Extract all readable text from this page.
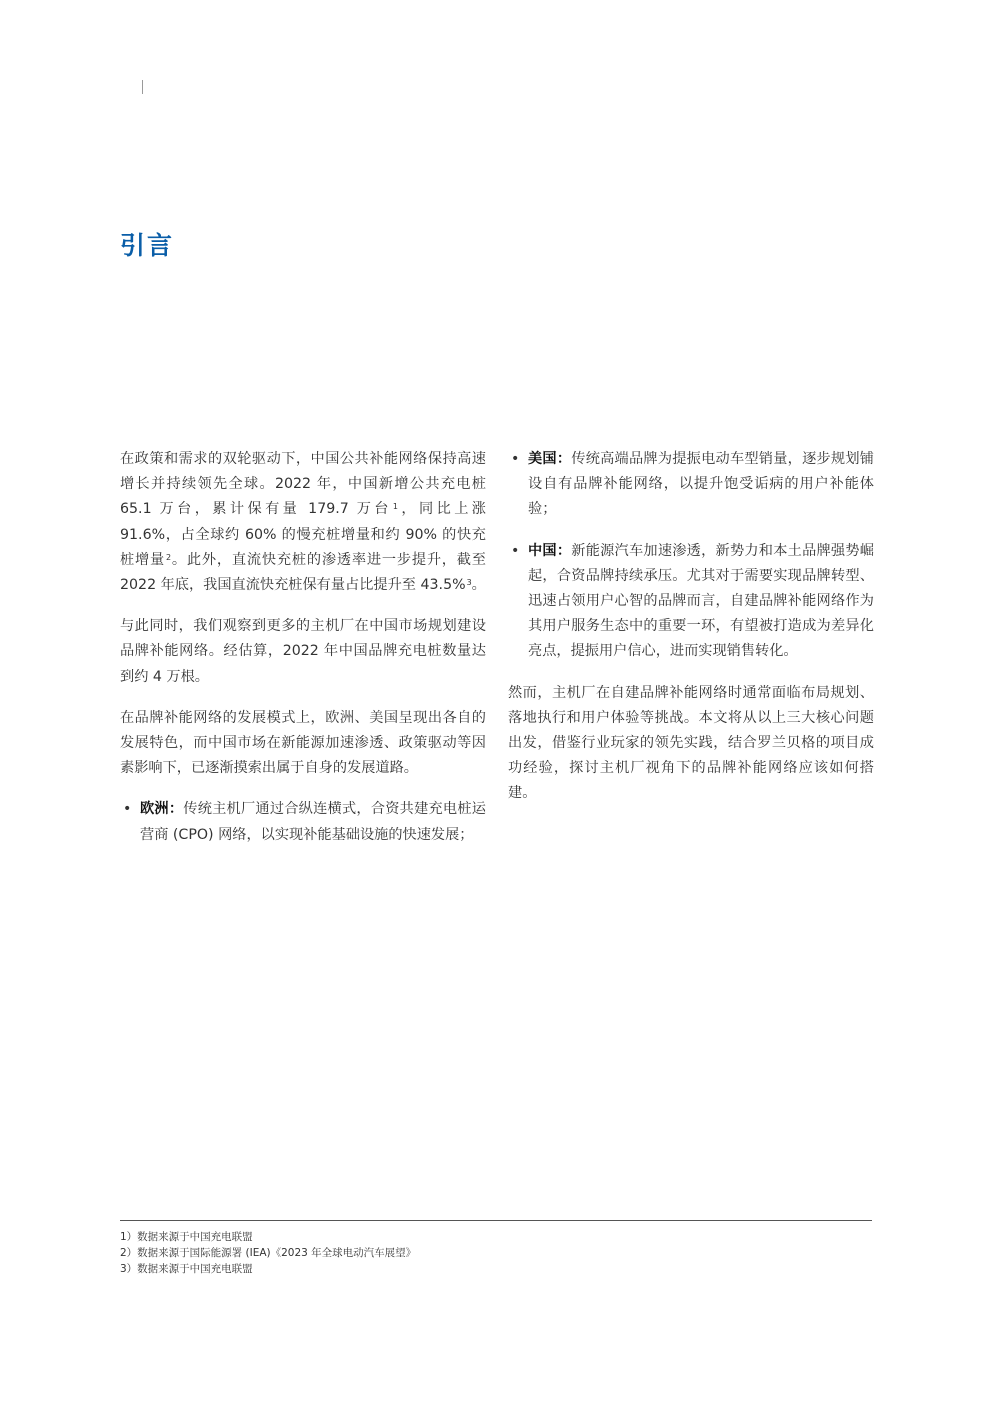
引言

在政策和需求的双轮驱动下，中国公共补能网络保持高速增长并持续领先全球。2022 年，中国新增公共充电桩 65.1 万台，累计保有量 179.7 万台$^1$，同比上涨 91.6%，占全球约 60% 的慢充桩增量和约 90% 的快充桩增量$^2$。此外，直流快充桩的渗透率进一步提升，截至 2022 年底，我国直流快充桩保有量占比提升至 43.5%$^3$。

与此同时，我们观察到更多的主机厂在中国市场规划建设品牌补能网络。经估算，2022 年中国品牌充电桩数量达到约 4 万根。

在品牌补能网络的发展模式上，欧洲、美国呈现出各自的发展特色，而中国市场在新能源加速渗透、政策驱动等因素影响下，已逐渐摸索出属于自身的发展道路。

• 欧洲：传统主机厂通过合纵连横式，合资共建充电桩运营商 (CPO) 网络，以实现补能基础设施的快速发展；
• 美国：传统高端品牌为提振电动车型销量，逐步规划铺设自有品牌补能网络，以提升饱受诟病的用户补能体验；
• 中国：新能源汽车加速渗透，新势力和本土品牌强势崛起，合资品牌持续承压。尤其对于需要实现品牌转型、迅速占领用户心智的品牌而言，自建品牌补能网络作为其用户服务生态中的重要一环，有望被打造成为差异化亮点，提振用户信心，进而实现销售转化。

然而，主机厂在自建品牌补能网络时通常面临布局规划、落地执行和用户体验等挑战。本文将从以上三大核心问题出发，借鉴行业玩家的领先实践，结合罗兰贝格的项目成功经验，探讨主机厂视角下的品牌补能网络应该如何搭建。

1）数据来源于中国充电联盟
2）数据来源于国际能源署 (IEA)《2023 年全球电动汽车展望》
3）数据来源于中国充电联盟
